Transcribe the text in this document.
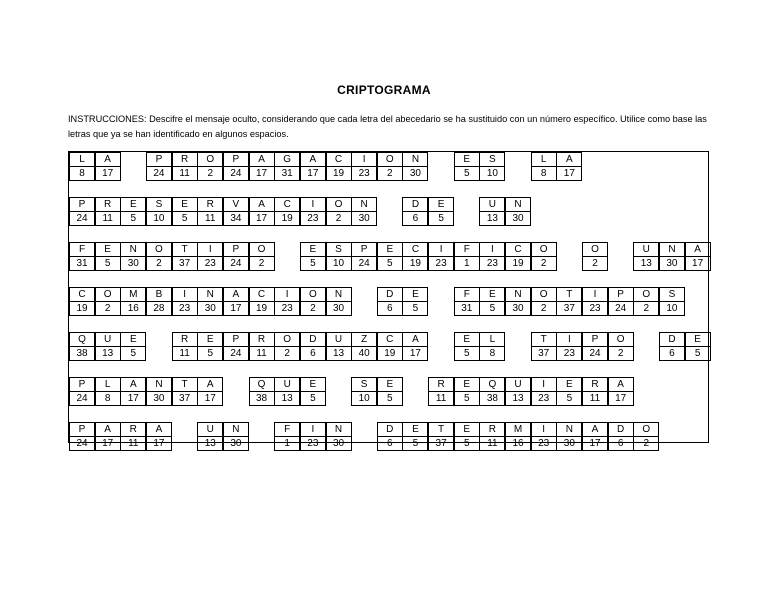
CRIPTOGRAMA
INSTRUCCIONES: Descifre el mensaje oculto, considerando que cada letra del abecedario se ha sustituido con un número específico. Utilice como base las letras que ya se han identificado en algunos espacios.
L
8
A
17
P
24
R
11
O
2
P
24
A
17
G
31
A
17
C
19
I
23
O
2
N
30
E
5
S
10
L
8
A
17
P
24
R
11
E
5
S
10
E
5
R
11
V
34
A
17
C
19
I
23
O
2
N
30
D
6
E
5
U
13
N
30
F
31
E
5
N
30
O
2
T
37
I
23
P
24
O
2
E
5
S
10
P
24
E
5
C
19
I
23
F
1
I
23
C
19
O
2
O
2
U
13
N
30
A
17
C
19
O
2
M
16
B
28
I
23
N
30
A
17
C
19
I
23
O
2
N
30
D
6
E
5
F
31
E
5
N
30
O
2
T
37
I
23
P
24
O
2
S
10
Q
38
U
13
E
5
R
11
E
5
P
24
R
11
O
2
D
6
U
13
Z
40
C
19
A
17
E
5
L
8
T
37
I
23
P
24
O
2
D
6
E
5
P
24
L
8
A
17
N
30
T
37
A
17
Q
38
U
13
E
5
S
10
E
5
R
11
E
5
Q
38
U
13
I
23
E
5
R
11
A
17
P
24
A
17
R
11
A
17
U
13
N
30
F
1
I
23
N
30
D
6
E
5
T
37
E
5
R
11
M
16
I
23
N
30
A
17
D
6
O
2
